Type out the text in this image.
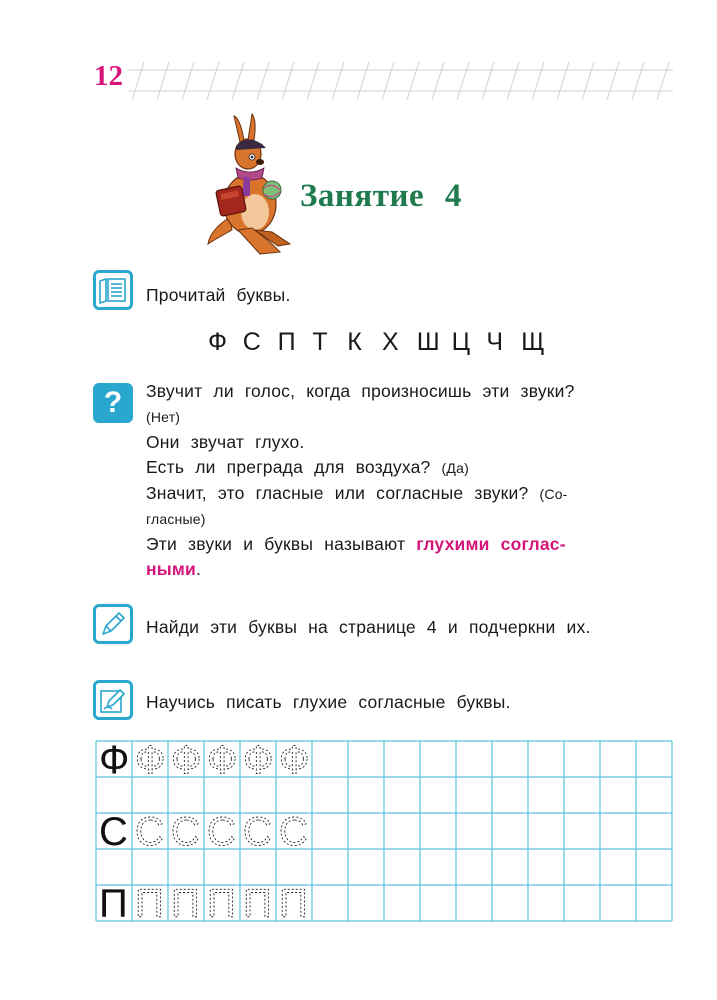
12
Занятие 4
Прочитай буквы.
Ф С П Т К Х Ш Ц Ч Щ
? Звучит ли голос, когда произносишь эти звуки?
(Нет)
Они звучат глухо.
Есть ли преграда для воздуха? (Да)
Значит, это гласные или согласные звуки? (Со-
гласные)
Эти звуки и буквы называют глухими соглас-
ными.
Найди эти буквы на странице 4 и подчеркни их.
Научись писать глухие согласные буквы.
Ф Ф Ф Ф Ф Ф
С С С С С С
П П П П П П
